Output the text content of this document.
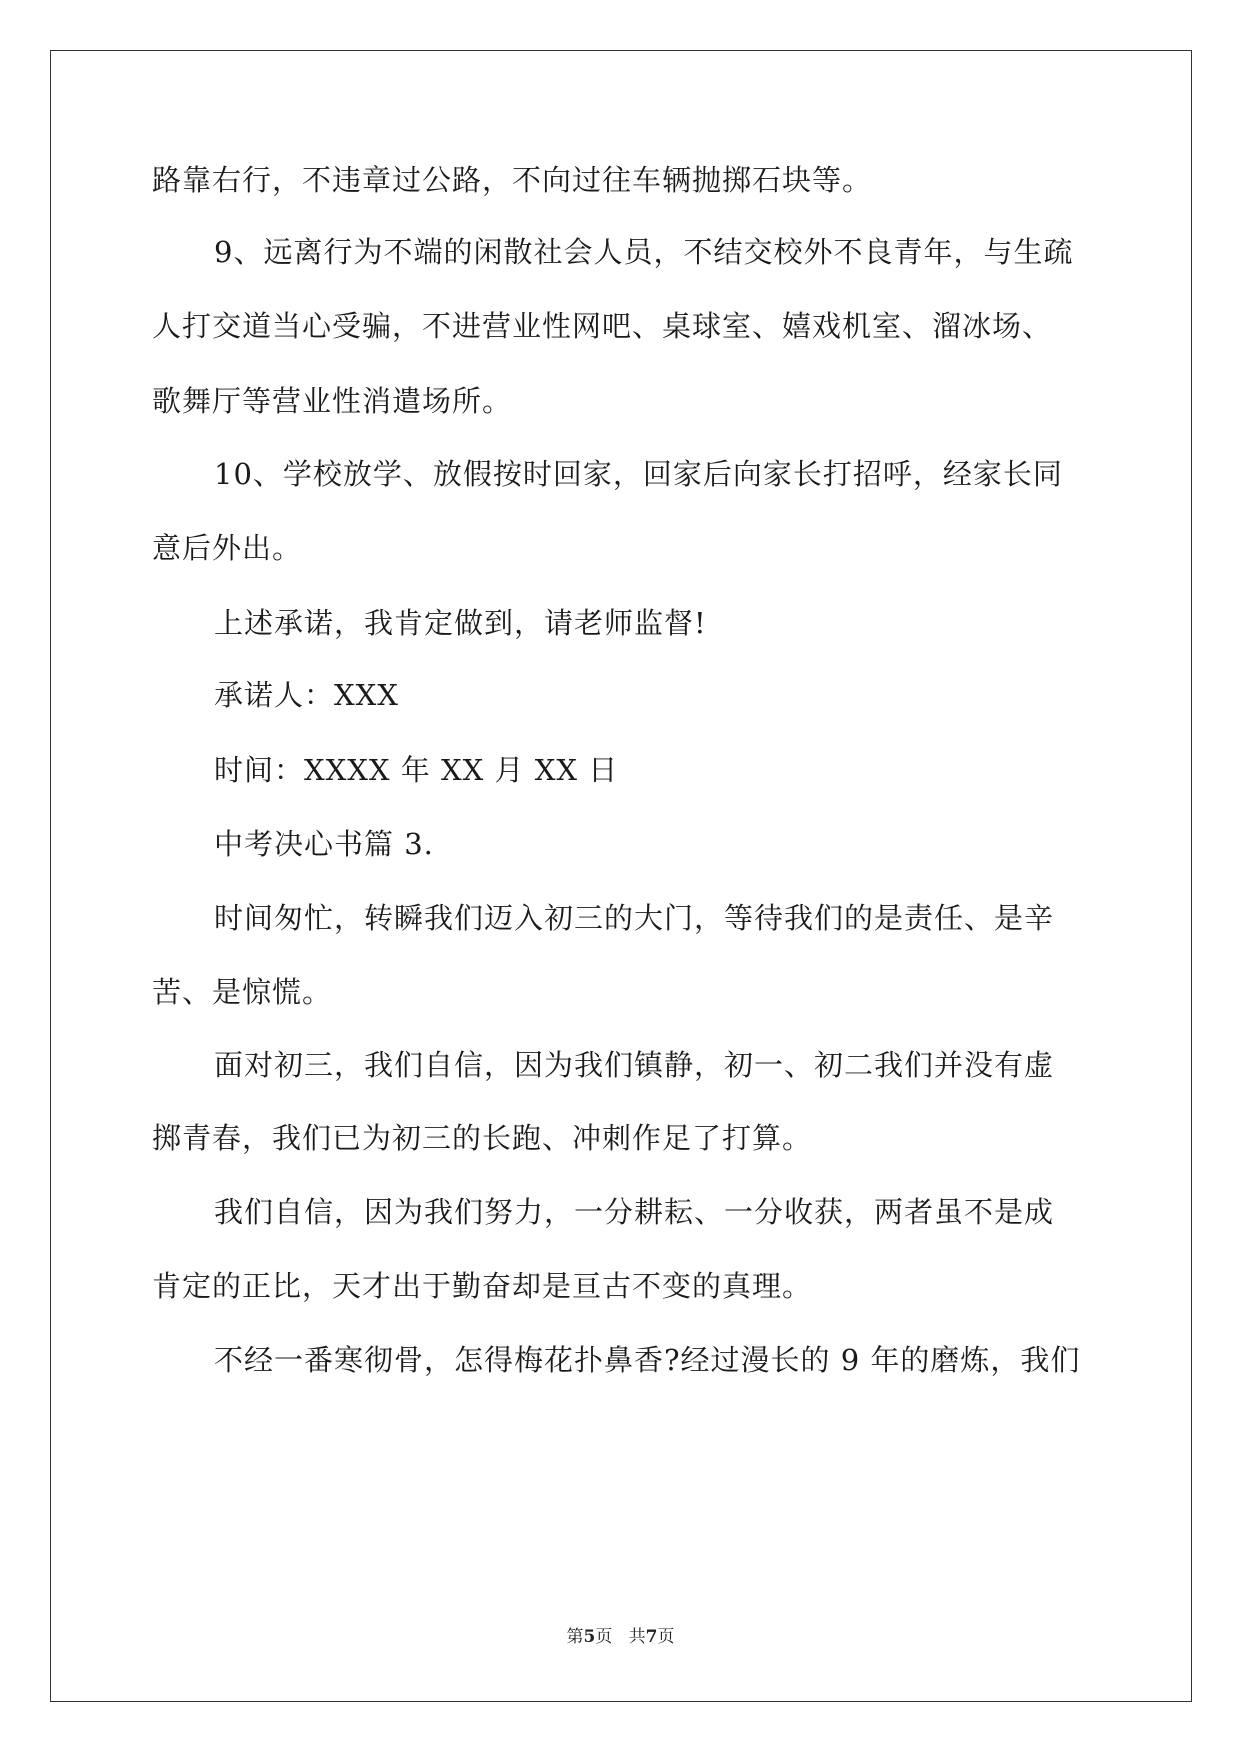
路靠右行，不违章过公路，不向过往车辆抛掷石块等。
9、远离行为不端的闲散社会人员，不结交校外不良青年，与生疏
人打交道当心受骗，不进营业性网吧、桌球室、嬉戏机室、溜冰场、
歌舞厅等营业性消遣场所。
10、学校放学、放假按时回家，回家后向家长打招呼，经家长同
意后外出。
上述承诺，我肯定做到，请老师监督!
承诺人：XXX
时间：XXXX 年 XX 月 XX 日
中考决心书篇 3.
时间匆忙，转瞬我们迈入初三的大门，等待我们的是责任、是辛
苦、是惊慌。
面对初三，我们自信，因为我们镇静，初一、初二我们并没有虚
掷青春，我们已为初三的长跑、冲刺作足了打算。
我们自信，因为我们努力，一分耕耘、一分收获，两者虽不是成
肯定的正比，天才出于勤奋却是亘古不变的真理。
不经一番寒彻骨，怎得梅花扑鼻香?经过漫长的 9 年的磨炼，我们
第5页   共7页
